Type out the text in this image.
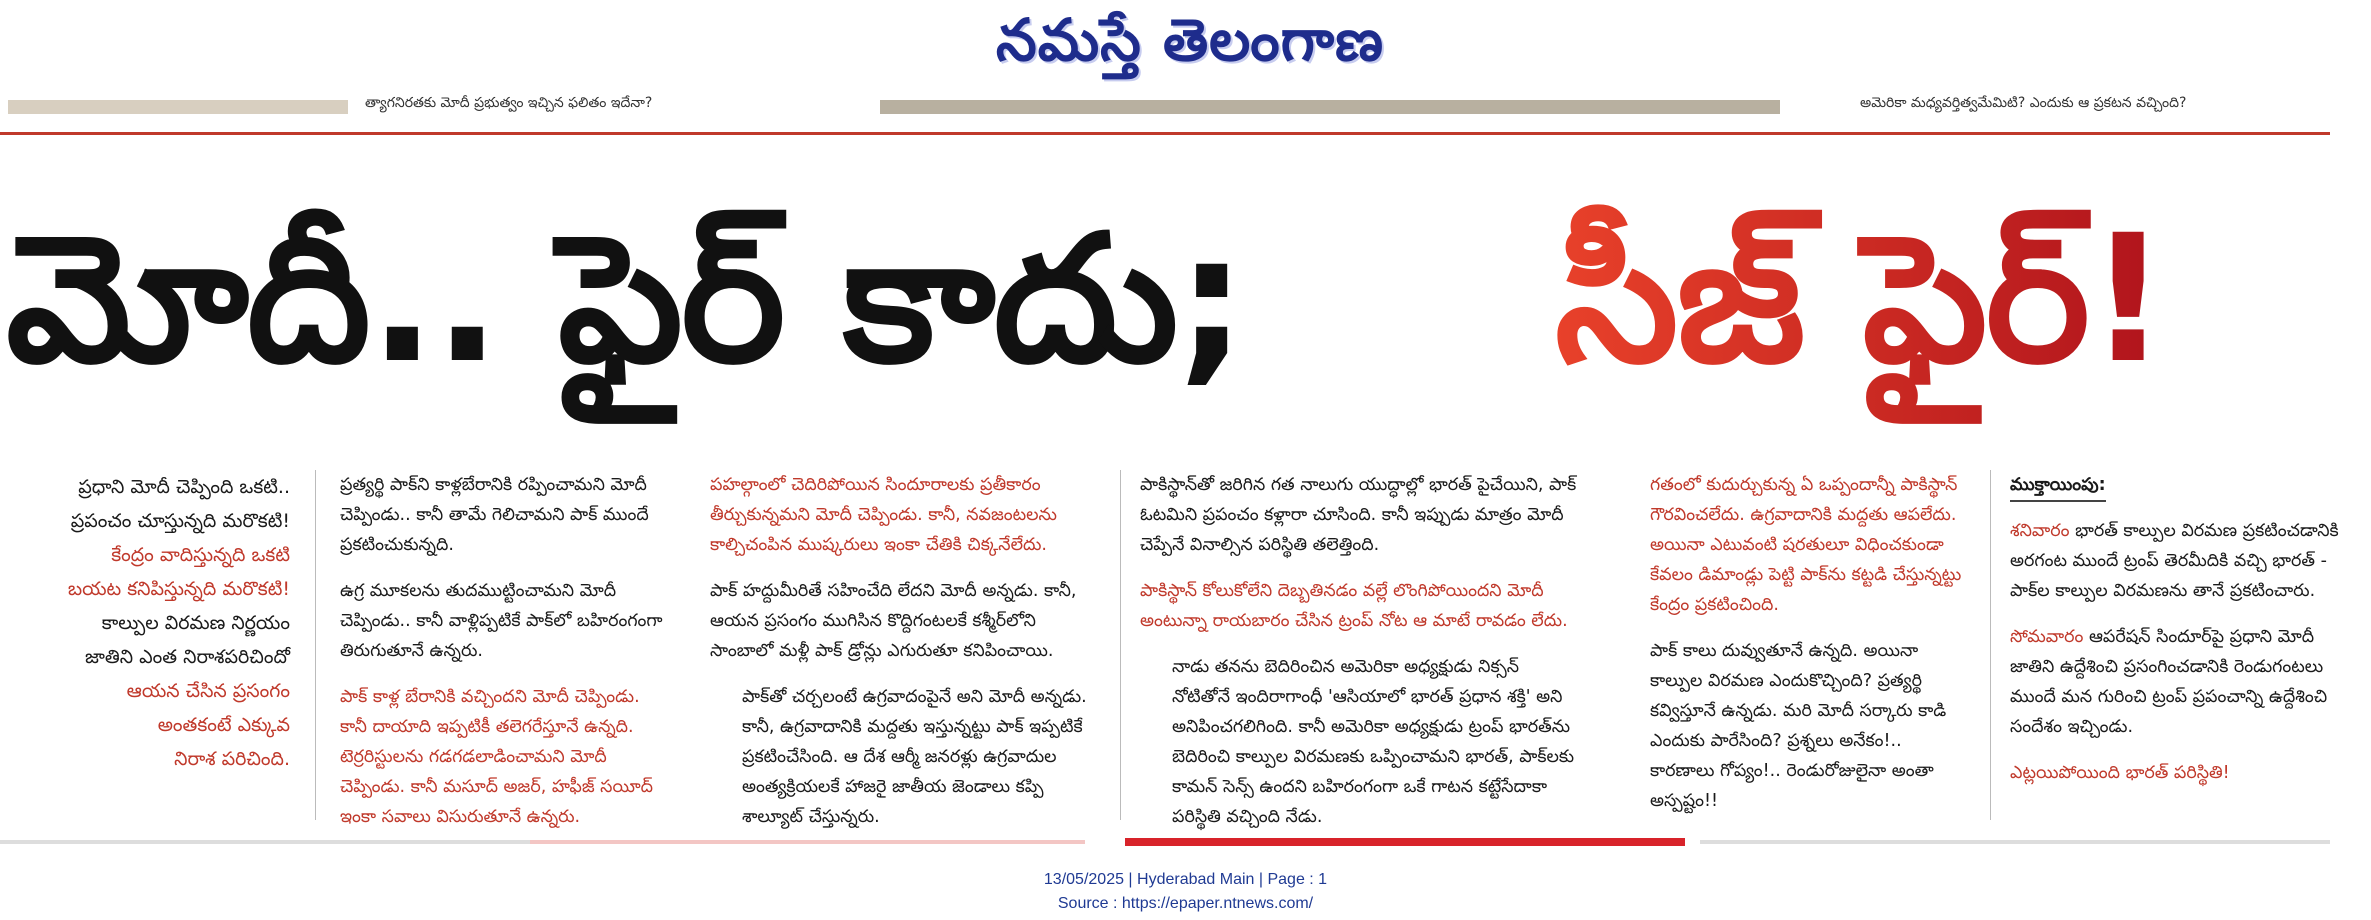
నమస్తే తెలంగాణ
త్యాగనిరతకు మోదీ ప్రభుత్వం ఇచ్చిన ఫలితం ఇదేనా?	అమెరికా మధ్యవర్తిత్వమేమిటి? ఎందుకు ఆ ప్రకటన వచ్చింది?
మోదీ.. ఫైర్ కాదు; సీజ్ ఫైర్!

ప్రధాని మోదీ చెప్పింది ఒకటి..

ప్రపంచం చూస్తున్నది మరొకటి!

కేంద్రం వాదిస్తున్నది ఒకటి

బయట కనిపిస్తున్నది మరొకటి!

కాల్పుల విరమణ నిర్ణయం

జాతిని ఎంత నిరాశపరిచిందో

ఆయన చేసిన ప్రసంగం

అంతకంటే ఎక్కువ

నిరాశ పరిచింది.

ప్రత్యర్థి పాక్‌ని కాళ్లబేరానికి రప్పించామని మోదీ చెప్పిండు.. కానీ తామే గెలిచామని పాక్ ముందే ప్రకటించుకున్నది.

ఉగ్ర మూకలను తుదముట్టించామని మోదీ చెప్పిండు.. కానీ వాళ్లిప్పటికే పాక్‌లో బహిరంగంగా తిరుగుతూనే ఉన్నరు.

పాక్ కాళ్ల బేరానికి వచ్చిందని మోదీ చెప్పిండు. కానీ దాయాది ఇప్పటికీ తలెగరేస్తూనే ఉన్నది. టెర్రరిస్టులను గడగడలాడించామని మోదీ చెప్పిండు. కానీ మసూద్ అజర్, హఫీజ్ సయీద్ ఇంకా సవాలు విసురుతూనే ఉన్నరు.

పహల్గాంలో చెదిరిపోయిన సిందూరాలకు ప్రతీకారం తీర్చుకున్నమని మోదీ చెప్పిండు. కానీ, నవజంటలను కాల్చిచంపిన ముష్కరులు ఇంకా చేతికి చిక్కనేలేదు.

పాక్ హద్దుమీరితే సహించేది లేదని మోదీ అన్నడు. కానీ, ఆయన ప్రసంగం ముగిసిన కొద్దిగంటలకే కశ్మీర్‌లోని సాంబాలో మళ్లీ పాక్ డ్రోన్లు ఎగురుతూ కనిపించాయి.

పాక్‌తో చర్చలంటే ఉగ్రవాదంపైనే అని మోదీ అన్నడు. కానీ, ఉగ్రవాదానికి మద్దతు ఇస్తున్నట్టు పాక్ ఇప్పటికే ప్రకటించేసింది. ఆ దేశ ఆర్మీ జనరళ్లు ఉగ్రవాదుల అంత్యక్రియలకే హాజరై జాతీయ జెండాలు కప్పి శాల్యూట్ చేస్తున్నరు.

పాకిస్థాన్‌తో జరిగిన గత నాలుగు యుద్ధాల్లో భారత్ పైచేయిని, పాక్ ఓటమిని ప్రపంచం కళ్లారా చూసింది. కానీ ఇప్పుడు మాత్రం మోదీ చెప్పేనే వినాల్సిన పరిస్థితి తలెత్తింది.

పాకిస్థాన్ కోలుకోలేని దెబ్బతినడం వల్లే లొంగిపోయిందని మోదీ అంటున్నా రాయబారం చేసిన ట్రంప్ నోట ఆ మాటే రావడం లేదు.

నాడు తనను బెదిరించిన అమెరికా అధ్యక్షుడు నిక్సన్ నోటితోనే ఇందిరాగాంధీ 'ఆసియాలో భారత్ ప్రధాన శక్తి' అని అనిపించగలిగింది. కానీ అమెరికా అధ్యక్షుడు ట్రంప్ భారత్‌ను బెదిరించి కాల్పుల విరమణకు ఒప్పించామని భారత్, పాక్‌లకు కామన్ సెన్స్ ఉందని బహిరంగంగా ఒకే గాటన కట్టేసేదాకా పరిస్థితి వచ్చింది నేడు.

గతంలో కుదుర్చుకున్న ఏ ఒప్పందాన్నీ పాకిస్థాన్ గౌరవించలేదు. ఉగ్రవాదానికి మద్దతు ఆపలేదు. అయినా ఎటువంటి షరతులూ విధించకుండా కేవలం డిమాండ్లు పెట్టి పాక్‌ను కట్టడి చేస్తున్నట్టు కేంద్రం ప్రకటించింది.

పాక్ కాలు దువ్వుతూనే ఉన్నది. అయినా కాల్పుల విరమణ ఎందుకొచ్చింది? ప్రత్యర్థి కవ్విస్తూనే ఉన్నడు. మరి మోదీ సర్కారు కాడి ఎందుకు పారేసింది? ప్రశ్నలు అనేకం!.. కారణాలు గోప్యం!.. రెండురోజులైనా అంతా అస్పష్టం!!

ముక్తాయింపు:

శనివారం భారత్ కాల్పుల విరమణ ప్రకటించడానికి అరగంట ముందే ట్రంప్ తెరమీదికి వచ్చి భారత్ - పాక్‌ల కాల్పుల విరమణను తానే ప్రకటించారు.

సోమవారం ఆపరేషన్ సిందూర్‌పై ప్రధాని మోదీ జాతిని ఉద్దేశించి ప్రసంగించడానికి రెండుగంటలు ముందే మన గురించి ట్రంప్ ప్రపంచాన్ని ఉద్దేశించి సందేశం ఇచ్చిండు.

ఎట్లయిపోయింది భారత్ పరిస్థితి!

13/05/2025 | Hyderabad Main | Page : 1
Source : https://epaper.ntnews.com/
